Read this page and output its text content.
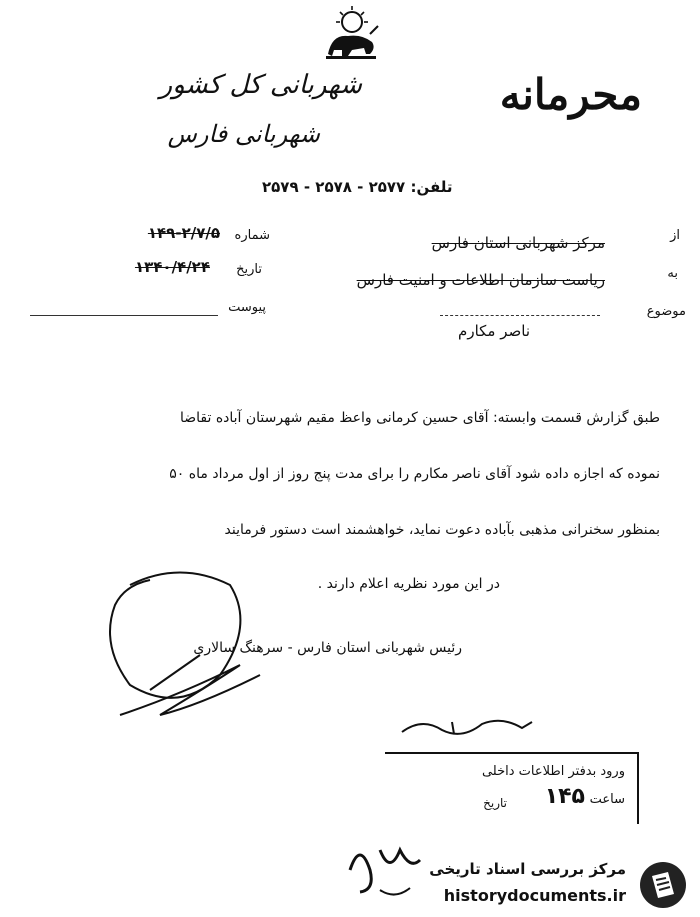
محرمانه
شهربانی کل کشور
شهربانی فارس
تلفن: ۲۵۷۷ - ۲۵۷۸ - ۲۵۷۹
شماره
۱۴۹-۲/۷/۵
تاریخ
۱۳۴۰/۴/۲۴
پیوست
از
مرکز شهربانی استان فارس
به
ریاست سازمان اطلاعات و امنیت فارس
موضوع
ناصر مکارم
طبق گزارش قسمت وابسته: آقای حسین کرمانی واعظ مقیم شهرستان آباده تقاضا
نموده که اجازه داده شود آقای ناصر مکارم را برای مدت پنج روز از اول مرداد ماه ۵۰
بمنظور سخنرانی مذهبی بآباده دعوت نماید، خواهشمند است دستور فرمایند
در این مورد نظریه اعلام دارند .
رئیس شهربانی استان فارس - سرهنگ سالاری
ورود بدفتر اطلاعات داخلی
ساعت
۱۴۵
تاریخ
مرکز بررسی اسناد تاریخی
historydocuments.ir
